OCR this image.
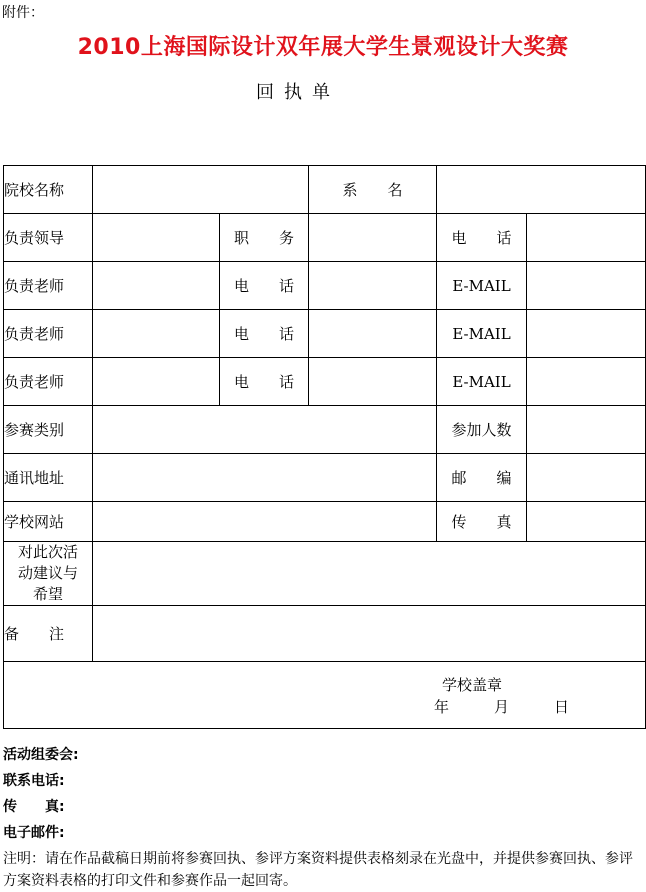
附件：
2010上海国际设计双年展大学生景观设计大奖赛
回执单
院校名称			系　　名		
负责领导		职　　务		电　　话	
负责老师		电　　话		E-MAIL	
负责老师		电　　话		E-MAIL	
负责老师		电　　话		E-MAIL	
参赛类别				参加人数	
通讯地址				邮　　编	
学校网站				传　　真	
对此次活动建议与希望					
备　　注					

学校盖章
年　　　月　　　日					
活动组委会:
联系电话:
传　　真:
电子邮件:
注明：请在作品截稿日期前将参赛回执、参评方案资料提供表格刻录在光盘中，并提供参赛回执、参评方案资料表格的打印文件和参赛作品一起回寄。
